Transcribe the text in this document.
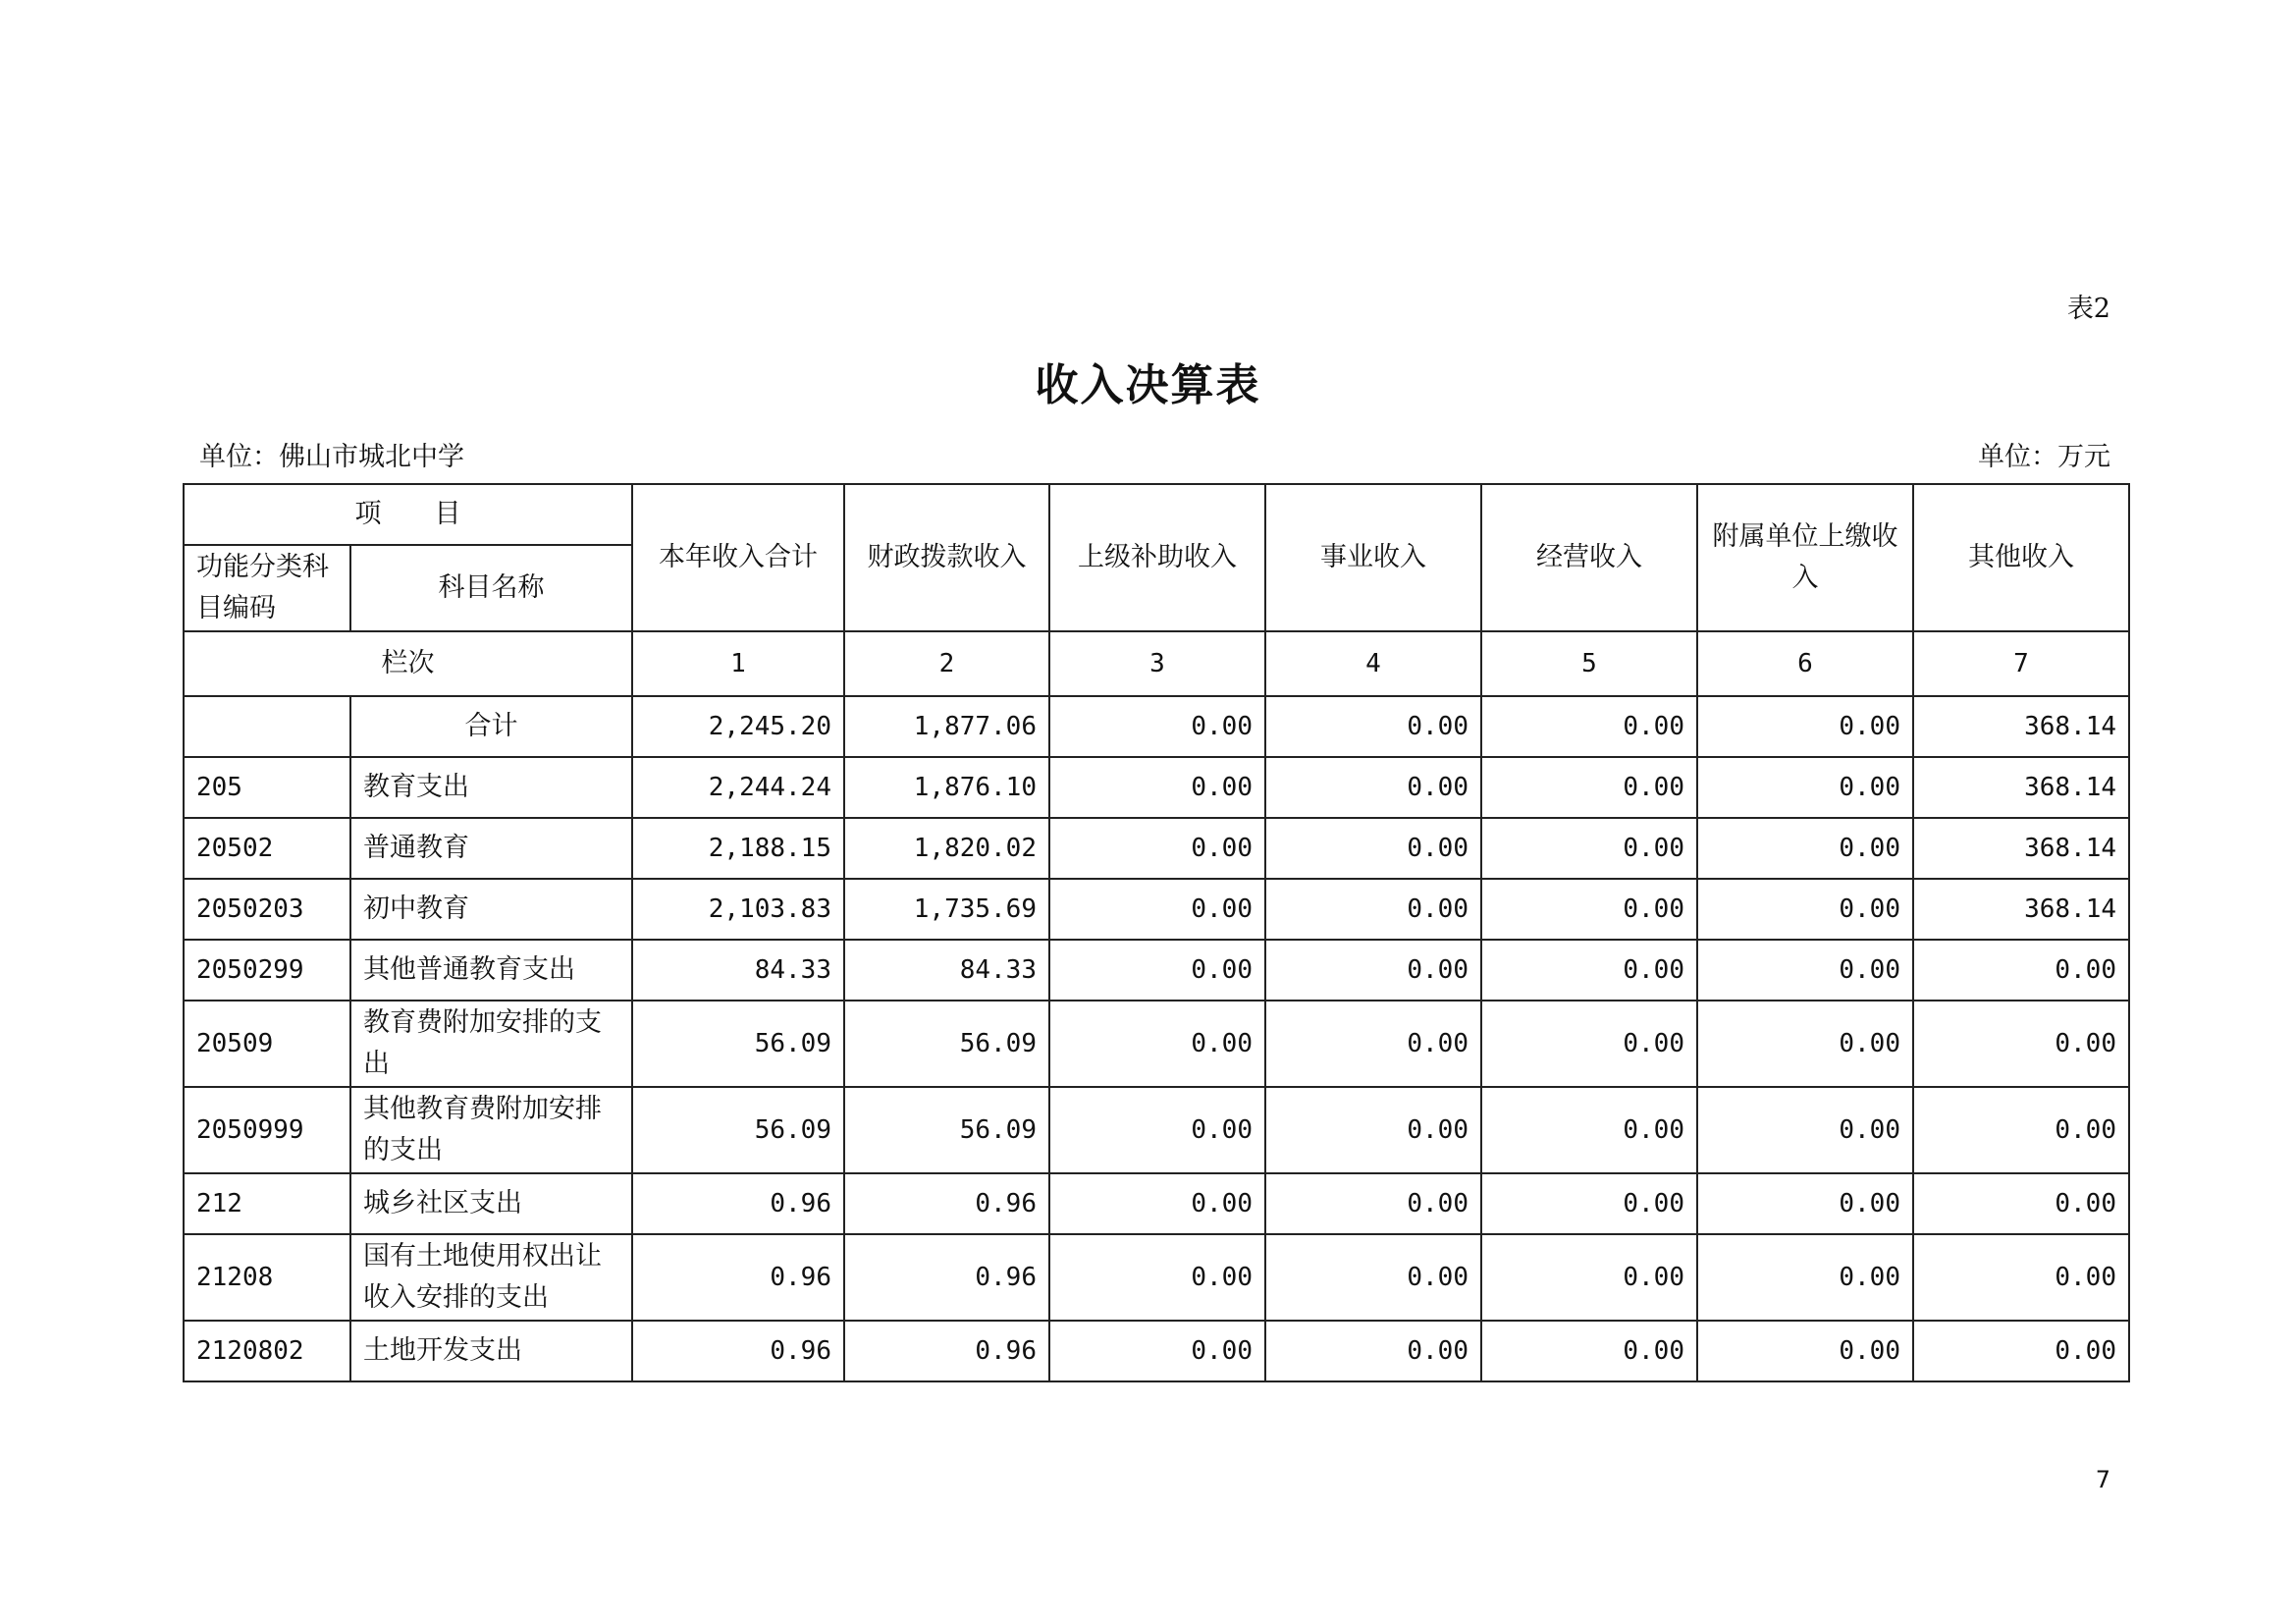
表2
收入决算表
单位：佛山市城北中学	单位：万元
项　　目		本年收入合计	财政拨款收入	上级补助收入	事业收入	经营收入	附属单位上缴收入	其他收入
功能分类科目编码	科目名称							
栏次		1	2	3	4	5	6	7
	合计	2,245.20	1,877.06	0.00	0.00	0.00	0.00	368.14
205	教育支出	2,244.24	1,876.10	0.00	0.00	0.00	0.00	368.14
20502	普通教育	2,188.15	1,820.02	0.00	0.00	0.00	0.00	368.14
2050203	初中教育	2,103.83	1,735.69	0.00	0.00	0.00	0.00	368.14
2050299	其他普通教育支出	84.33	84.33	0.00	0.00	0.00	0.00	0.00
20509	教育费附加安排的支出	56.09	56.09	0.00	0.00	0.00	0.00	0.00
2050999	其他教育费附加安排的支出	56.09	56.09	0.00	0.00	0.00	0.00	0.00
212	城乡社区支出	0.96	0.96	0.00	0.00	0.00	0.00	0.00
21208	国有土地使用权出让收入安排的支出	0.96	0.96	0.00	0.00	0.00	0.00	0.00
2120802	土地开发支出	0.96	0.96	0.00	0.00	0.00	0.00	0.00
7
